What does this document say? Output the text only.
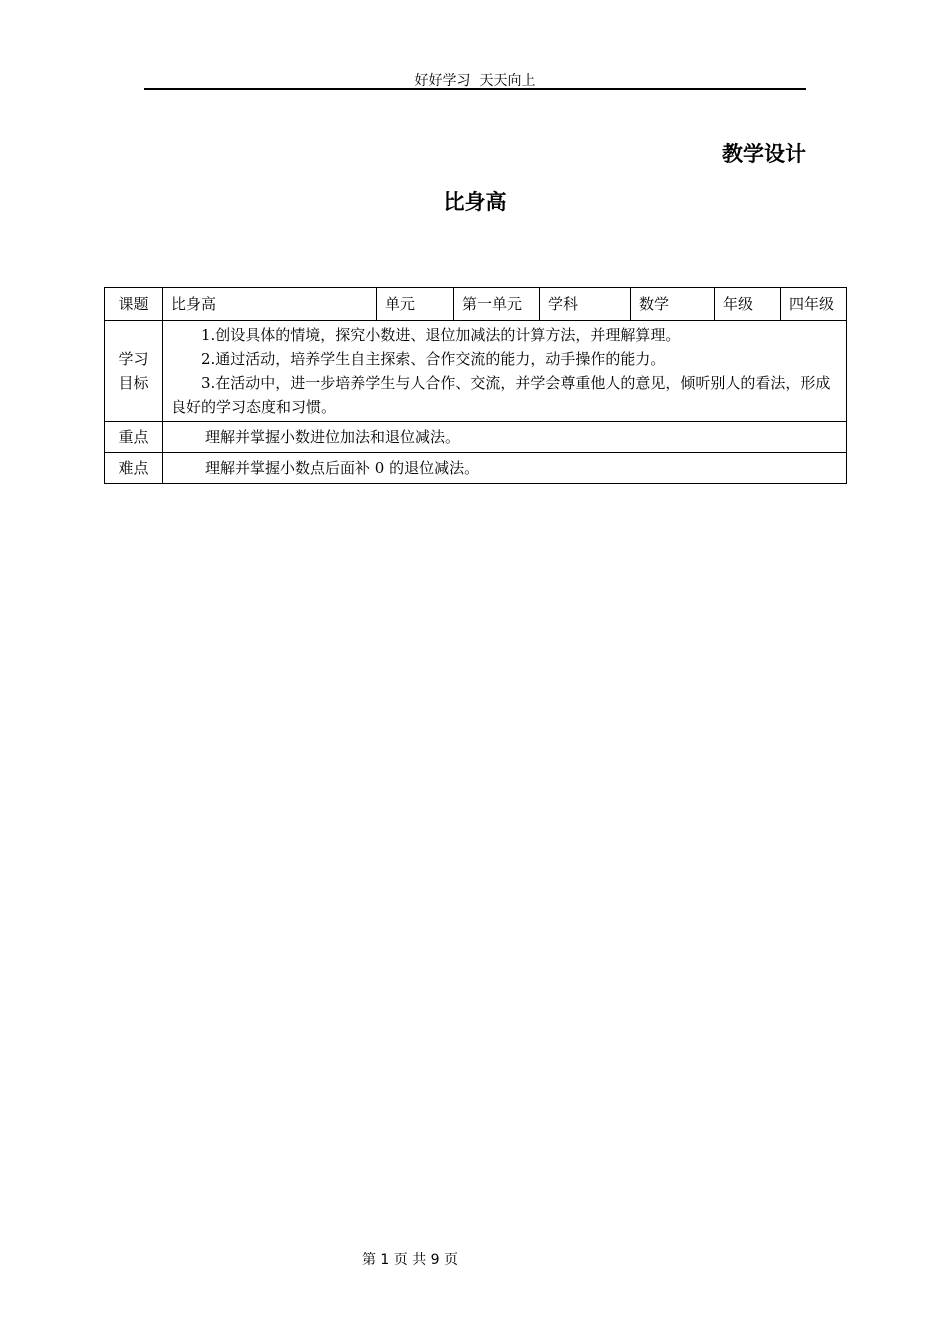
好好学习  天天向上
教学设计
比身高
课题	比身高	单元	第一单元	学科	数学	年级	四年级

学习目标	1.创设具体的情境，探究小数进、退位加减法的计算方法，并理解算理。
2.通过活动，培养学生自主探索、合作交流的能力，动手操作的能力。
3.在活动中，进一步培养学生与人合作、交流，并学会尊重他人的意见，倾听别人的看法，形成良好的学习态度和习惯。						

重点	理解并掌握小数进位加法和退位减法。						
难点	理解并掌握小数点后面补 0 的退位减法。						
第 1 页 共 9 页
